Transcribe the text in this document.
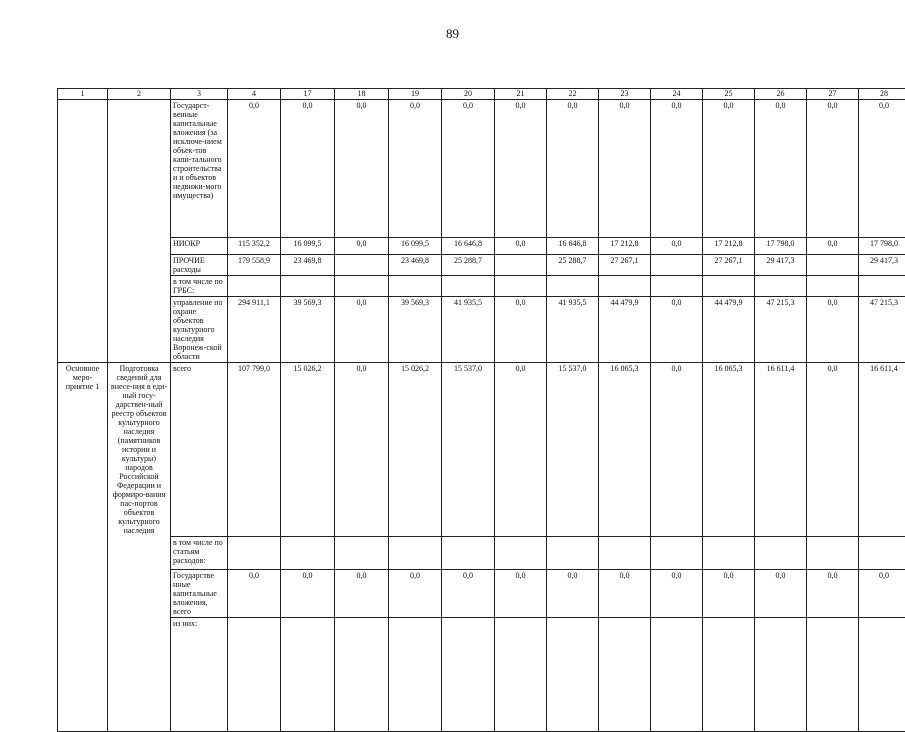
89
1	2	3	4	17	18	19	20	21	22	23	24	25	26	27	28
		Государст-венные капитальные вложения (за исключе-нием объек-тов капи-тального строительства и и объектов недвижи-мого имущества)	0,0	0,0	0,0	0,0	0,0	0,0	0,0	0,0	0,0	0,0	0,0	0,0	0,0
		НИОКР	115 352,2	16 099,5	0,0	16 099,5	16 646,8	0,0	16 646,8	17 212,8	0,0	17 212,8	17 798,0	0,0	17 798,0
		ПРОЧИЕ расходы	179 558,9	23 469,8		23 469,8	25 288,7		25 288,7	27 267,1		27 267,1	29 417,3		29 417,3
		в том числе по ГРБС:													
		управление по охране объектов культурного наследия Воронеж-ской области	294 911,1	39 569,3	0,0	39 569,3	41 935,5	0,0	41 935,5	44 479,9	0,0	44 479,9	47 215,3	0,0	47 215,3
Основное меро-приятие 1	Подготовка сведений для внесе-ния в еди-ный госу-дарствен-ный реестр объектов культурного наследия (памятников истории и культуры) народов Российской Федерации и формиро-вания пас-портов объектов культурного наследия	всего	107 799,0	15 026,2	0,0	15 026,2	15 537,0	0,0	15 537,0	16 065,3	0,0	16 065,3	16 611,4	0,0	16 611,4
		в том числе по статьям расходов:													
		Государстве нные капитальные вложения, всего	0,0	0,0	0,0	0,0	0,0	0,0	0,0	0,0	0,0	0,0	0,0	0,0	0,0
		из них:													
